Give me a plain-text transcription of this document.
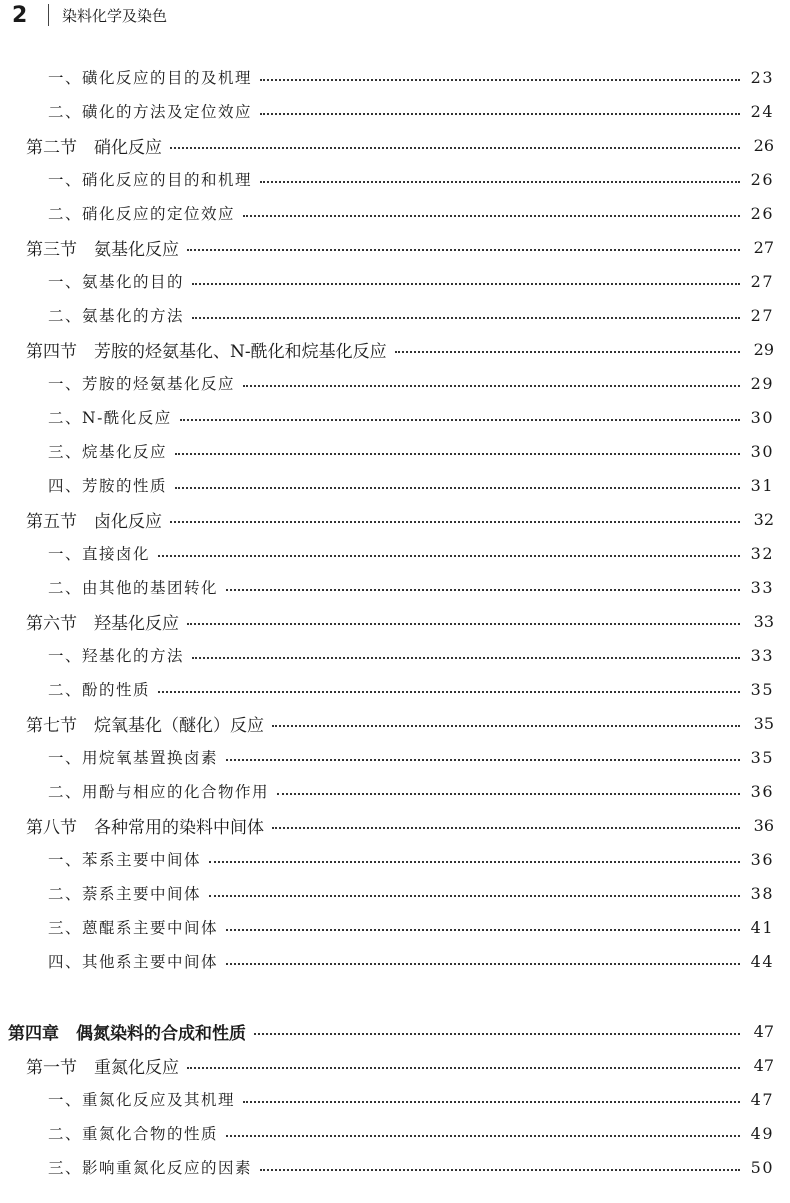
2 染料化学及染色
一、磺化反应的目的及机理	23
二、磺化的方法及定位效应	24
第二节　硝化反应	26
一、硝化反应的目的和机理	26
二、硝化反应的定位效应	26
第三节　氨基化反应	27
一、氨基化的目的	27
二、氨基化的方法	27
第四节　芳胺的烃氨基化、N-酰化和烷基化反应	29
一、芳胺的烃氨基化反应	29
二、N-酰化反应	30
三、烷基化反应	30
四、芳胺的性质	31
第五节　卤化反应	32
一、直接卤化	32
二、由其他的基团转化	33
第六节　羟基化反应	33
一、羟基化的方法	33
二、酚的性质	35
第七节　烷氧基化（醚化）反应	35
一、用烷氧基置换卤素	35
二、用酚与相应的化合物作用	36
第八节　各种常用的染料中间体	36
一、苯系主要中间体	36
二、萘系主要中间体	38
三、蒽醌系主要中间体	41
四、其他系主要中间体	44
第四章　偶氮染料的合成和性质	47
第一节　重氮化反应	47
一、重氮化反应及其机理	47
二、重氮化合物的性质	49
三、影响重氮化反应的因素	50
